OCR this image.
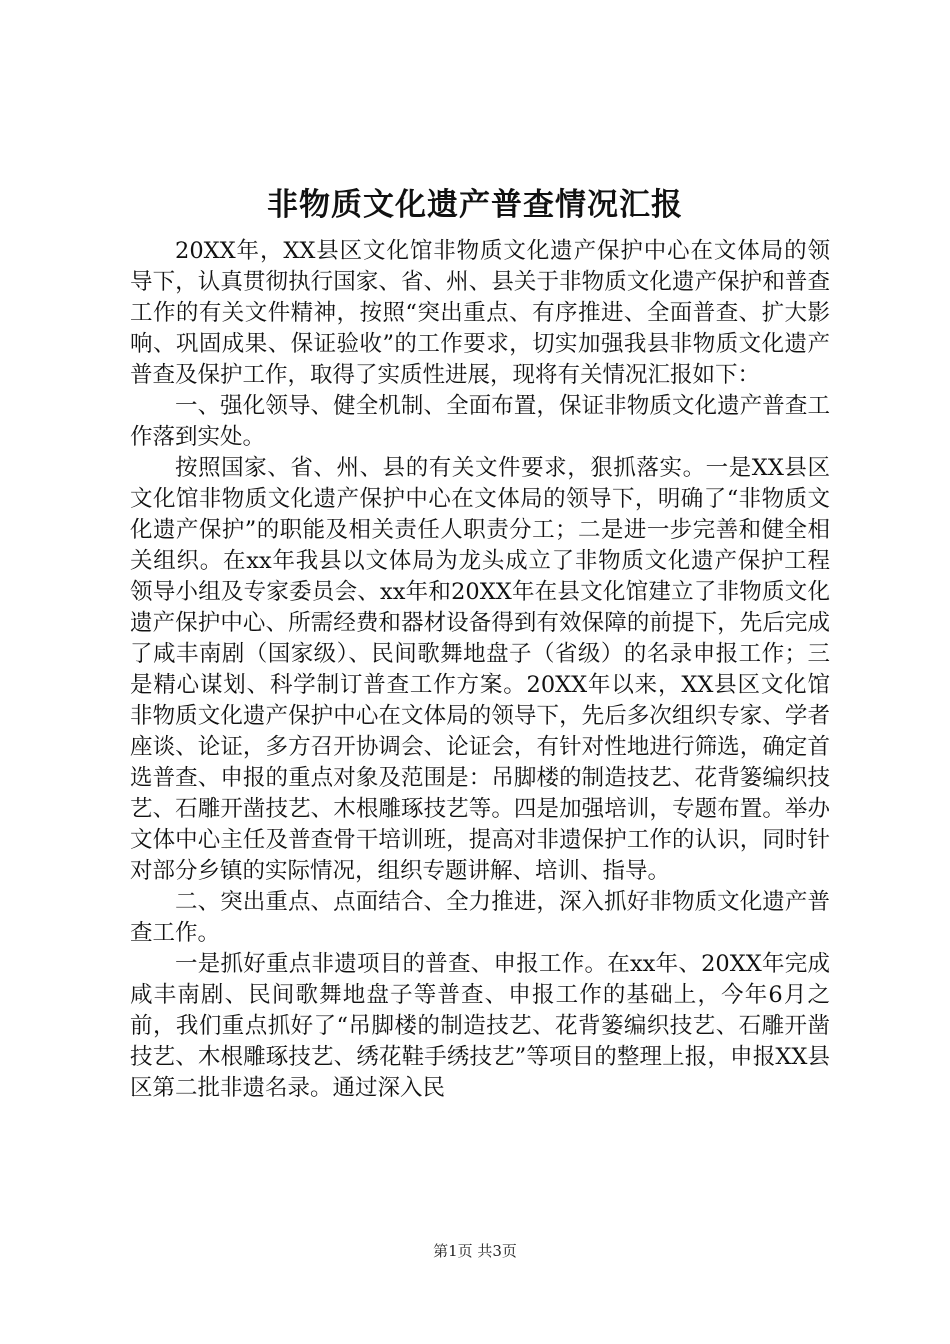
非物质文化遗产普查情况汇报

20XX年，XX县区文化馆非物质文化遗产保护中心在文体局的领导下，认真贯彻执行国家、省、州、县关于非物质文化遗产保护和普查工作的有关文件精神，按照“突出重点、有序推进、全面普查、扩大影响、巩固成果、保证验收”的工作要求，切实加强我县非物质文化遗产普查及保护工作，取得了实质性进展，现将有关情况汇报如下：

一、强化领导、健全机制、全面布置，保证非物质文化遗产普查工作落到实处。

按照国家、省、州、县的有关文件要求，狠抓落实。一是XX县区文化馆非物质文化遗产保护中心在文体局的领导下，明确了“非物质文化遗产保护”的职能及相关责任人职责分工；二是进一步完善和健全相关组织。在xx年我县以文体局为龙头成立了非物质文化遗产保护工程领导小组及专家委员会、xx年和20XX年在县文化馆建立了非物质文化遗产保护中心、所需经费和器材设备得到有效保障的前提下，先后完成了咸丰南剧（国家级）、民间歌舞地盘子（省级）的名录申报工作；三是精心谋划、科学制订普查工作方案。20XX年以来，XX县区文化馆非物质文化遗产保护中心在文体局的领导下，先后多次组织专家、学者座谈、论证，多方召开协调会、论证会，有针对性地进行筛选，确定首选普查、申报的重点对象及范围是：吊脚楼的制造技艺、花背篓编织技艺、石雕开凿技艺、木根雕琢技艺等。四是加强培训，专题布置。举办文体中心主任及普查骨干培训班，提高对非遗保护工作的认识，同时针对部分乡镇的实际情况，组织专题讲解、培训、指导。

二、突出重点、点面结合、全力推进，深入抓好非物质文化遗产普查工作。

一是抓好重点非遗项目的普查、申报工作。在xx年、20XX年完成咸丰南剧、民间歌舞地盘子等普查、申报工作的基础上，今年6月之前，我们重点抓好了“吊脚楼的制造技艺、花背篓编织技艺、石雕开凿技艺、木根雕琢技艺、绣花鞋手绣技艺”等项目的整理上报，申报XX县区第二批非遗名录。通过深入民

第1页 共3页
